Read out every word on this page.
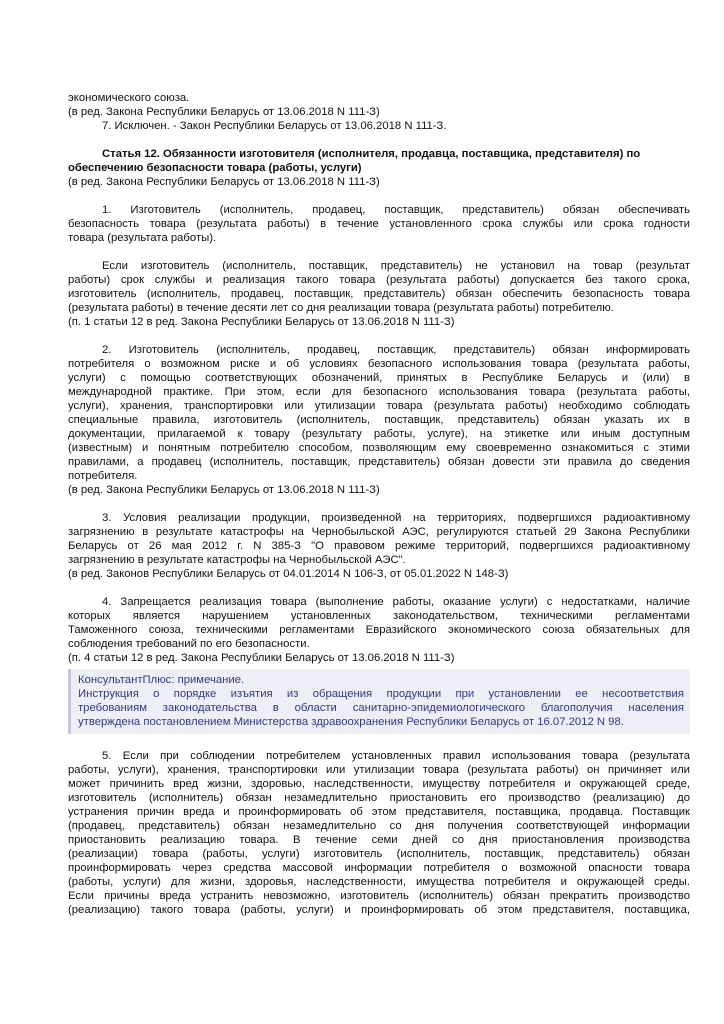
экономического союза.
(в ред. Закона Республики Беларусь от 13.06.2018 N 111-З)
7. Исключен. - Закон Республики Беларусь от 13.06.2018 N 111-З.
Статья 12. Обязанности изготовителя (исполнителя, продавца, поставщика, представителя) по
обеспечению безопасности товара (работы, услуги)
(в ред. Закона Республики Беларусь от 13.06.2018 N 111-З)
1. Изготовитель (исполнитель, продавец, поставщик, представитель) обязан обеспечивать
безопасность товара (результата работы) в течение установленного срока службы или срока годности
товара (результата работы).
Если изготовитель (исполнитель, поставщик, представитель) не установил на товар (результат
работы) срок службы и реализация такого товара (результата работы) допускается без такого срока,
изготовитель (исполнитель, продавец, поставщик, представитель) обязан обеспечить безопасность товара
(результата работы) в течение десяти лет со дня реализации товара (результата работы) потребителю.
(п. 1 статьи 12 в ред. Закона Республики Беларусь от 13.06.2018 N 111-З)
2. Изготовитель (исполнитель, продавец, поставщик, представитель) обязан информировать
потребителя о возможном риске и об условиях безопасного использования товара (результата работы,
услуги) с помощью соответствующих обозначений, принятых в Республике Беларусь и (или) в
международной практике. При этом, если для безопасного использования товара (результата работы,
услуги), хранения, транспортировки или утилизации товара (результата работы) необходимо соблюдать
специальные правила, изготовитель (исполнитель, поставщик, представитель) обязан указать их в
документации, прилагаемой к товару (результату работы, услуге), на этикетке или иным доступным
(известным) и понятным потребителю способом, позволяющим ему своевременно ознакомиться с этими
правилами, а продавец (исполнитель, поставщик, представитель) обязан довести эти правила до сведения
потребителя.
(в ред. Закона Республики Беларусь от 13.06.2018 N 111-З)
3. Условия реализации продукции, произведенной на территориях, подвергшихся радиоактивному
загрязнению в результате катастрофы на Чернобыльской АЭС, регулируются статьей 29 Закона Республики
Беларусь от 26 мая 2012 г. N 385-З "О правовом режиме территорий, подвергшихся радиоактивному
загрязнению в результате катастрофы на Чернобыльской АЭС".
(в ред. Законов Республики Беларусь от 04.01.2014 N 106-З, от 05.01.2022 N 148-З)
4. Запрещается реализация товара (выполнение работы, оказание услуги) с недостатками, наличие
которых является нарушением установленных законодательством, техническими регламентами
Таможенного союза, техническими регламентами Евразийского экономического союза обязательных для
соблюдения требований по его безопасности.
(п. 4 статьи 12 в ред. Закона Республики Беларусь от 13.06.2018 N 111-З)
КонсультантПлюс: примечание.
Инструкция о порядке изъятия из обращения продукции при установлении ее несоответствия
требованиям законодательства в области санитарно-эпидемиологического благополучия населения
утверждена постановлением Министерства здравоохранения Республики Беларусь от 16.07.2012 N 98.
5. Если при соблюдении потребителем установленных правил использования товара (результата
работы, услуги), хранения, транспортировки или утилизации товара (результата работы) он причиняет или
может причинить вред жизни, здоровью, наследственности, имуществу потребителя и окружающей среде,
изготовитель (исполнитель) обязан незамедлительно приостановить его производство (реализацию) до
устранения причин вреда и проинформировать об этом представителя, поставщика, продавца. Поставщик
(продавец, представитель) обязан незамедлительно со дня получения соответствующей информации
приостановить реализацию товара. В течение семи дней со дня приостановления производства
(реализации) товара (работы, услуги) изготовитель (исполнитель, поставщик, представитель) обязан
проинформировать через средства массовой информации потребителя о возможной опасности товара
(работы, услуги) для жизни, здоровья, наследственности, имущества потребителя и окружающей среды.
Если причины вреда устранить невозможно, изготовитель (исполнитель) обязан прекратить производство
(реализацию) такого товара (работы, услуги) и проинформировать об этом представителя, поставщика,
